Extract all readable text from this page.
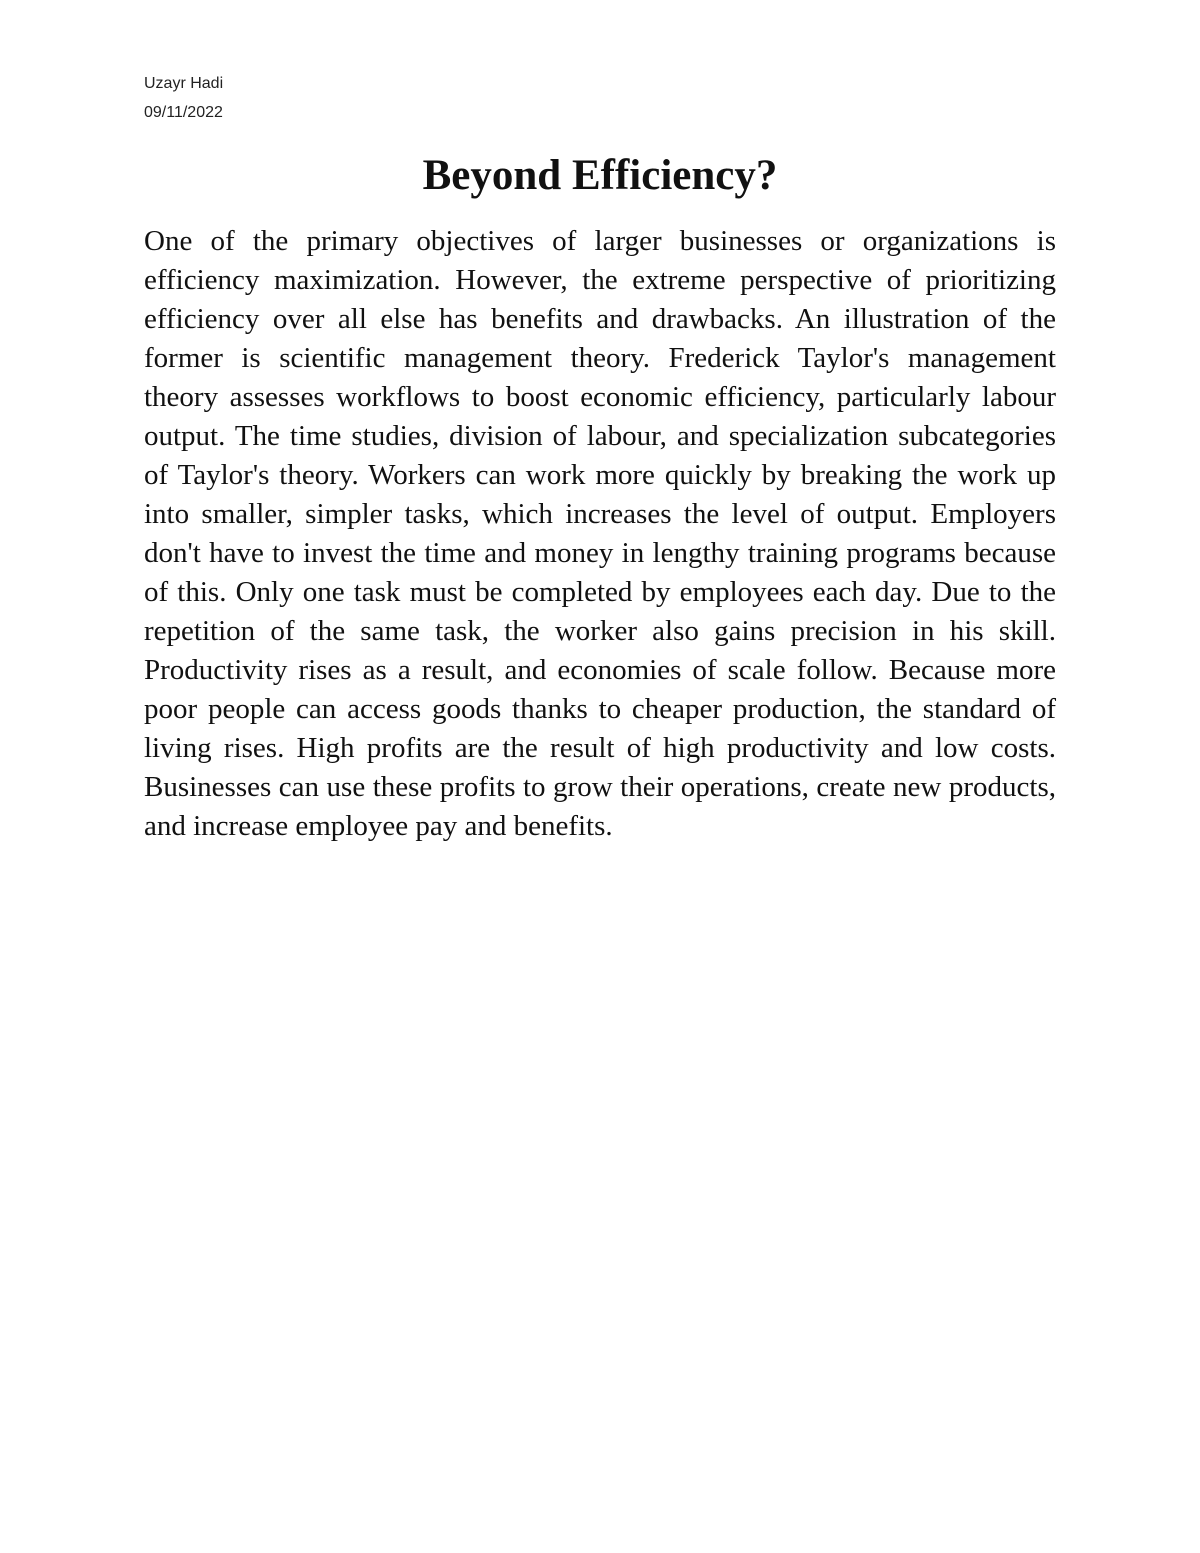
Uzayr Hadi
09/11/2022
Beyond Efficiency?

One of the primary objectives of larger businesses or organizations is efficiency maximization. However, the extreme perspective of prioritizing efficiency over all else has benefits and drawbacks. An illustration of the former is scientific management theory. Frederick Taylor's management theory assesses workflows to boost economic efficiency, particularly labour output. The time studies, division of labour, and specialization subcategories of Taylor's theory. Workers can work more quickly by breaking the work up into smaller, simpler tasks, which increases the level of output. Employers don't have to invest the time and money in lengthy training programs because of this. Only one task must be completed by employees each day. Due to the repetition of the same task, the worker also gains precision in his skill. Productivity rises as a result, and economies of scale follow. Because more poor people can access goods thanks to cheaper production, the standard of living rises. High profits are the result of high productivity and low costs. Businesses can use these profits to grow their operations, create new products, and increase employee pay and benefits.
